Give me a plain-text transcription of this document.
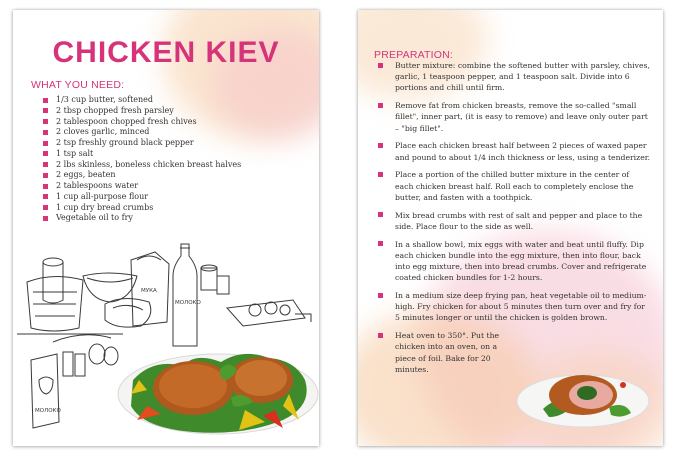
CHICKEN KIEV
WHAT YOU NEED:
1/3 cup butter, softened
2 tbsp chopped fresh parsley
2 tablespoon chopped fresh chives
2 cloves garlic, minced
2 tsp freshly ground black pepper
1 tsp salt
2 lbs skinless, boneless chicken breast halves
2 eggs, beaten
2 tablespoons water
1 cup all-purpose flour
1 cup dry bread crumbs
Vegetable oil to fry
МУКА
МОЛОКО
МОЛОКО
PREPARATION:
Butter mixture: combine the softened butter with parsley, chives, garlic, 1 teaspoon pepper, and 1 teaspoon salt. Divide into 6 portions and chill until firm.
Remove fat from chicken breasts, remove the so-called "small fillet", inner part, (it is easy to remove) and leave only outer part – "big fillet".
Place each chicken breast half between 2 pieces of waxed paper and pound to about 1/4 inch thickness or less, using a tenderizer.
Place a portion of the chilled butter mixture in the center of each chicken breast half. Roll each to completely enclose the butter, and fasten with a toothpick.
Mix bread crumbs with rest of salt and pepper and place to the side. Place flour to the side as well.
In a shallow bowl, mix eggs with water and beat until fluffy. Dip each chicken bundle into the egg mixture, then into flour, back into egg mixture, then into bread crumbs. Cover and refrigerate coated chicken bundles for 1-2 hours.
In a medium size deep frying pan, heat vegetable oil to medium-high. Fry chicken for about 5 minutes then turn over and fry for 5 minutes longer or until the chicken is golden brown.
Heat oven to 350°. Put the chicken into an oven, on a piece of foil. Bake for 20 minutes.
